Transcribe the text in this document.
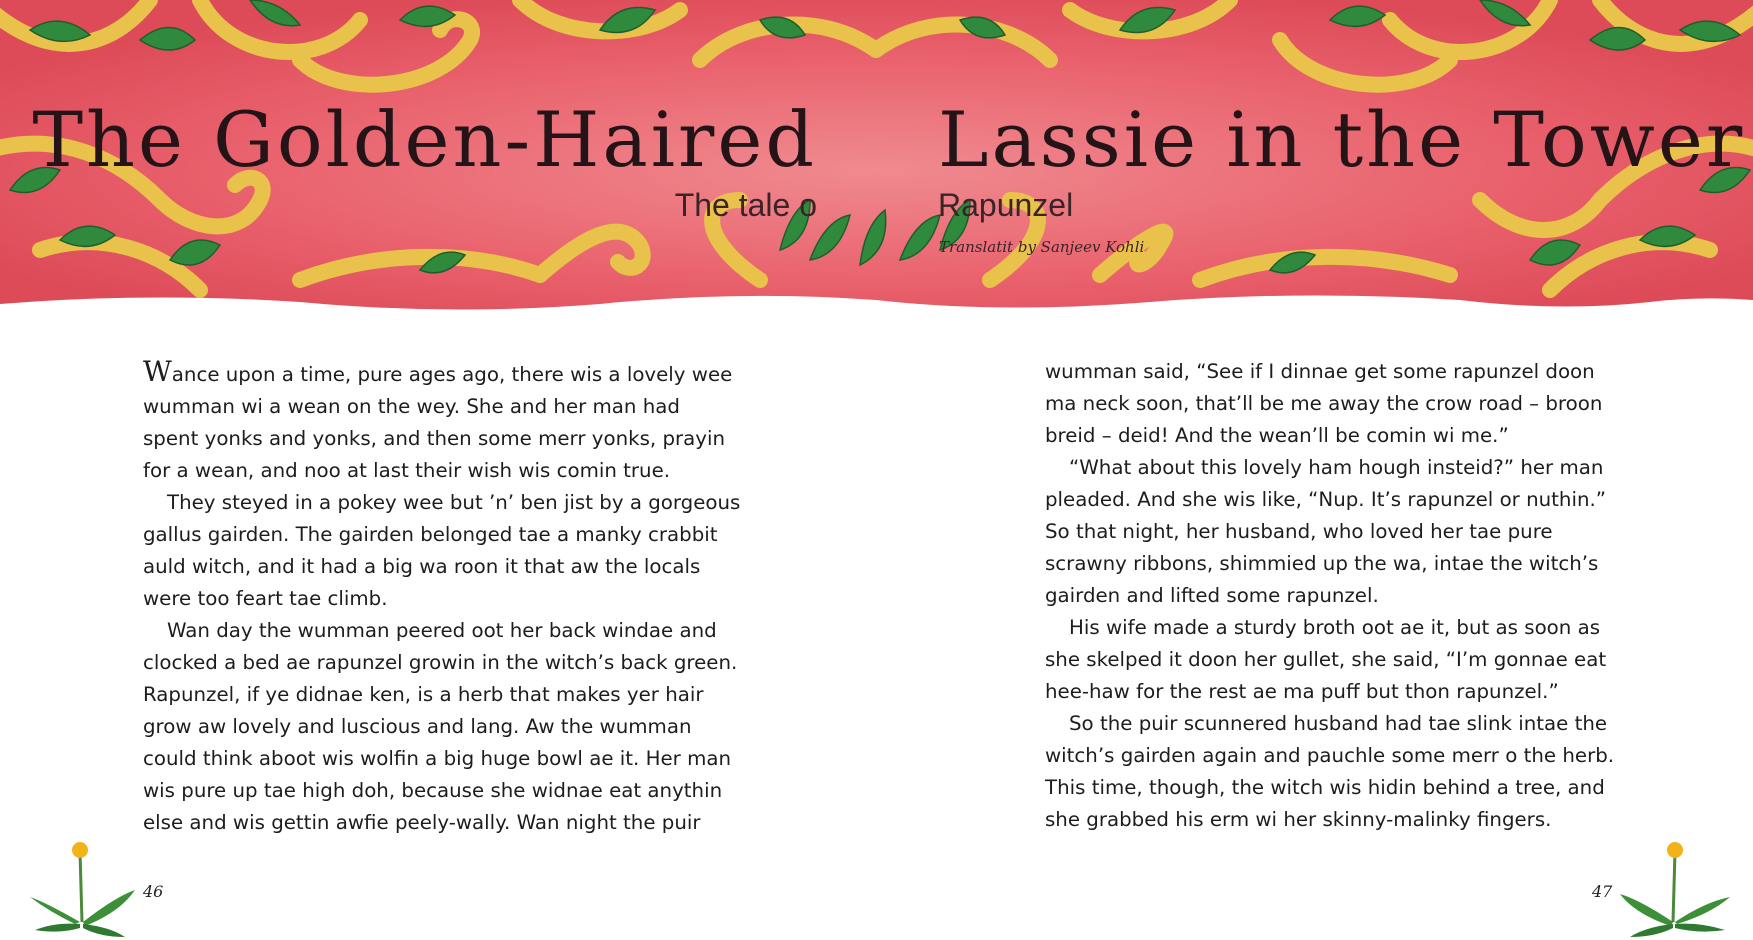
The Golden-Haired Lassie in the Tower
The tale o	Rapunzel
Translatit by Sanjeev Kohli

Wance upon a time, pure ages ago, there wis a lovely wee

wumman wi a wean on the wey. She and her man had

spent yonks and yonks, and then some merr yonks, prayin

for a wean, and noo at last their wish wis comin true.

They steyed in a pokey wee but ’n’ ben jist by a gorgeous

gallus gairden. The gairden belonged tae a manky crabbit

auld witch, and it had a big wa roon it that aw the locals

were too feart tae climb.

Wan day the wumman peered oot her back windae and

clocked a bed ae rapunzel growin in the witch’s back green.

Rapunzel, if ye didnae ken, is a herb that makes yer hair

grow aw lovely and luscious and lang. Aw the wumman

could think aboot wis wolfin a big huge bowl ae it. Her man

wis pure up tae high doh, because she widnae eat anythin

else and wis gettin awfie peely-wally. Wan night the puir

wumman said, “See if I dinnae get some rapunzel doon

ma neck soon, that’ll be me away the crow road – broon

breid – deid! And the wean’ll be comin wi me.”

“What about this lovely ham hough insteid?” her man

pleaded. And she wis like, “Nup. It’s rapunzel or nuthin.”

So that night, her husband, who loved her tae pure

scrawny ribbons, shimmied up the wa, intae the witch’s

gairden and lifted some rapunzel.

His wife made a sturdy broth oot ae it, but as soon as

she skelped it doon her gullet, she said, “I’m gonnae eat

hee-haw for the rest ae ma puff but thon rapunzel.”

So the puir scunnered husband had tae slink intae the

witch’s gairden again and pauchle some merr o the herb.

This time, though, the witch wis hidin behind a tree, and

she grabbed his erm wi her skinny-malinky fingers.

46	47
